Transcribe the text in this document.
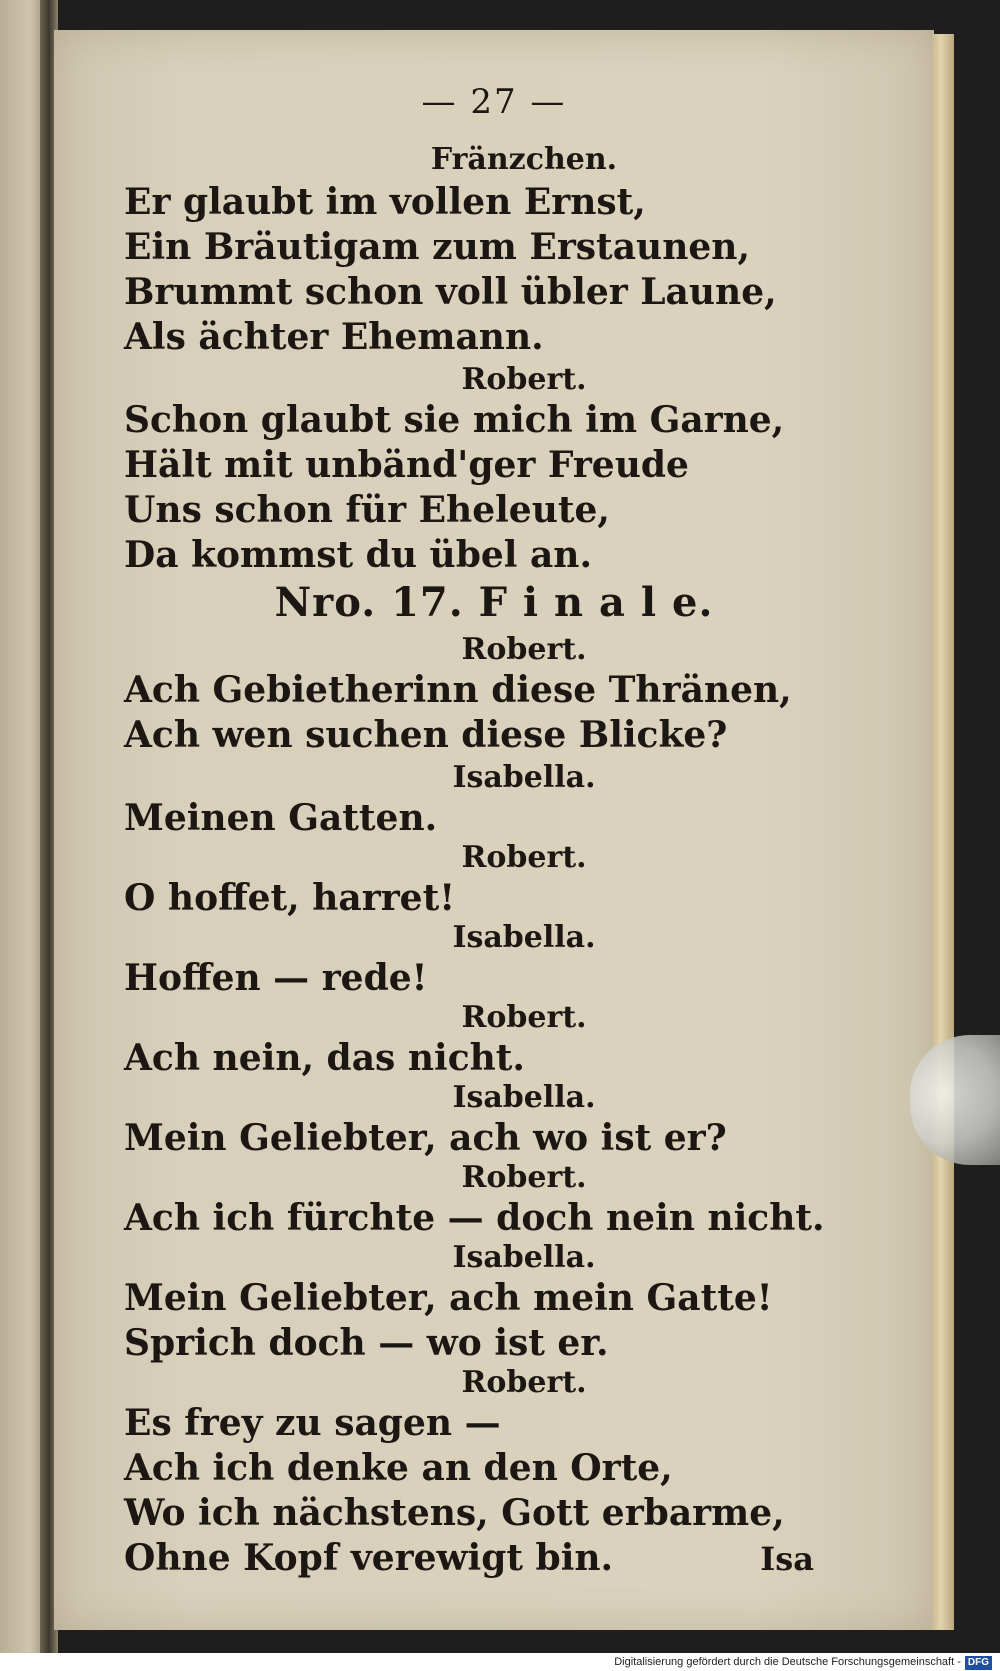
— 27 —
Fränzchen.
Er glaubt im vollen Ernst,
Ein Bräutigam zum Erstaunen,
Brummt schon voll übler Laune,
Als ächter Ehemann.
Robert.
Schon glaubt sie mich im Garne,
Hält mit unbänd'ger Freude
Uns schon für Eheleute,
Da kommst du übel an.
Nro. 17. F i n a l e.
Robert.
Ach Gebietherinn diese Thränen,
Ach wen suchen diese Blicke?
Isabella.
Meinen Gatten.
Robert.
O hoffet, harret!
Isabella.
Hoffen — rede!
Robert.
Ach nein, das nicht.
Isabella.
Mein Geliebter, ach wo ist er?
Robert.
Ach ich fürchte — doch nein nicht.
Isabella.
Mein Geliebter, ach mein Gatte!
Sprich doch — wo ist er.
Robert.
Es frey zu sagen —
Ach ich denke an den Orte,
Wo ich nächstens, Gott erbarme,
Ohne Kopf verewigt bin.	Isa
Digitalisierung gefördert durch die Deutsche Forschungsgemeinschaft - DFG
